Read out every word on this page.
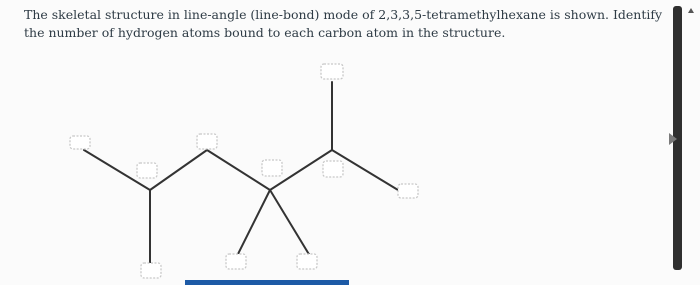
The skeletal structure in line-angle (line-bond) mode of 2,3,3,5-tetramethylhexane is shown. Identify the number of hydrogen atoms bound to each carbon atom in the structure.
